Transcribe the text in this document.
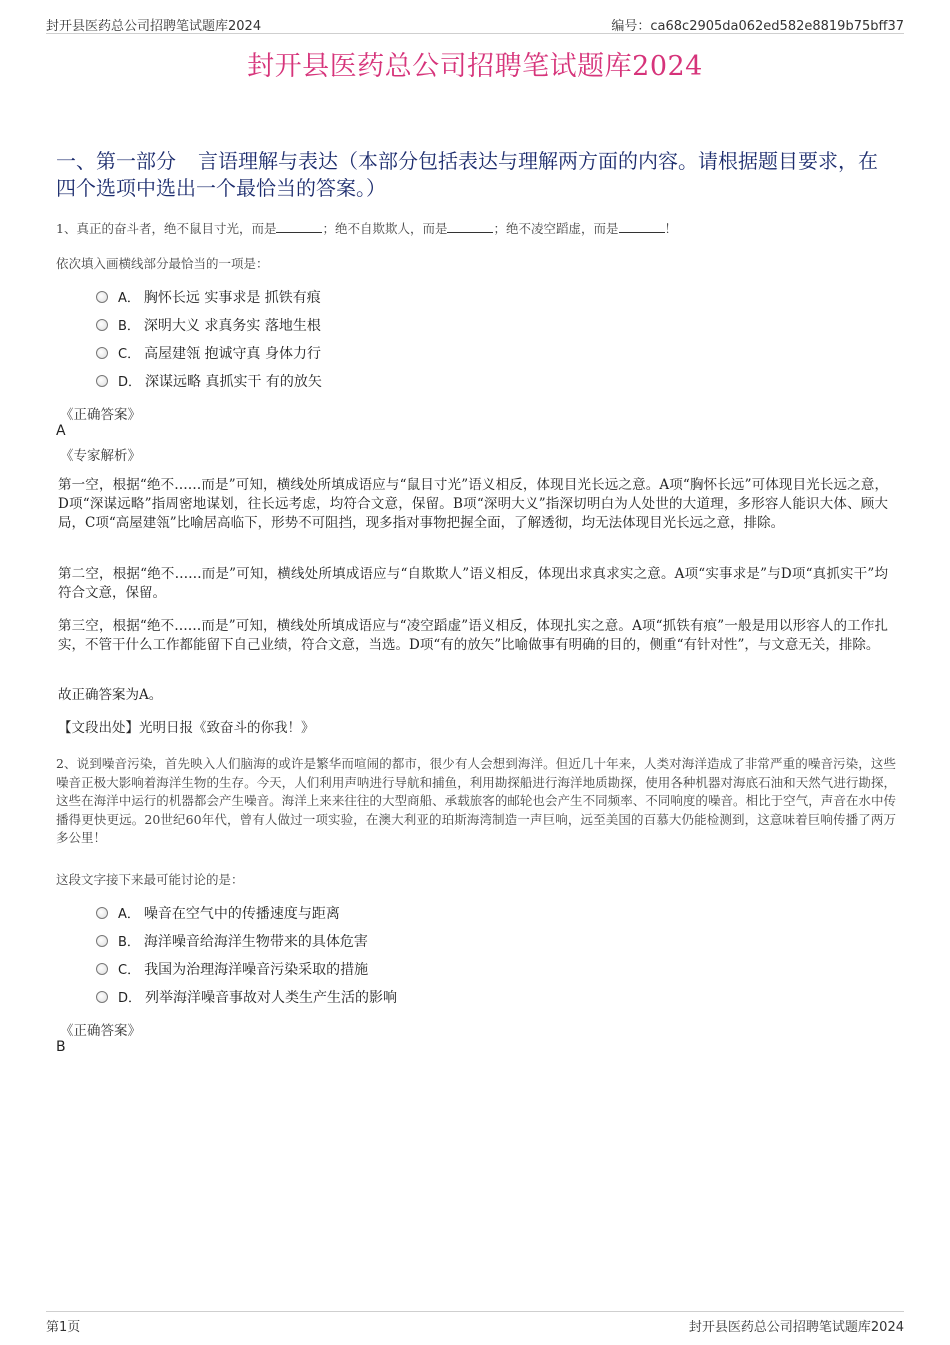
封开县医药总公司招聘笔试题库2024	编号：ca68c2905da062ed582e8819b75bff37
封开县医药总公司招聘笔试题库2024
一、第一部分 言语理解与表达（本部分包括表达与理解两方面的内容。请根据题目要求，在四个选项中选出一个最恰当的答案。）
1、真正的奋斗者，绝不鼠目寸光，而是	；绝不自欺欺人，而是	；绝不凌空蹈虚，而是	！
依次填入画横线部分最恰当的一项是：
A． 胸怀长远 实事求是 抓铁有痕
B． 深明大义 求真务实 落地生根
C． 高屋建瓴 抱诚守真 身体力行
D． 深谋远略 真抓实干 有的放矢
《正确答案》
A
《专家解析》
第一空，根据“绝不……而是”可知，横线处所填成语应与“鼠目寸光”语义相反，体现目光长远之意。A项“胸怀长远”可体现目光长远之意，D项“深谋远略”指周密地谋划，往长远考虑，均符合文意，保留。B项“深明大义”指深切明白为人处世的大道理，多形容人能识大体、顾大局，C项“高屋建瓴”比喻居高临下，形势不可阻挡，现多指对事物把握全面，了解透彻，均无法体现目光长远之意，排除。
第二空，根据“绝不……而是”可知，横线处所填成语应与“自欺欺人”语义相反，体现出求真求实之意。A项“实事求是”与D项“真抓实干”均符合文意，保留。
第三空，根据“绝不……而是”可知，横线处所填成语应与“凌空蹈虚”语义相反，体现扎实之意。A项“抓铁有痕”一般是用以形容人的工作扎实，不管干什么工作都能留下自己业绩，符合文意，当选。D项“有的放矢”比喻做事有明确的目的，侧重“有针对性”，与文意无关，排除。
故正确答案为A。
【文段出处】光明日报《致奋斗的你我！》
2、说到噪音污染，首先映入人们脑海的或许是繁华而喧闹的都市，很少有人会想到海洋。但近几十年来，人类对海洋造成了非常严重的噪音污染，这些噪音正极大影响着海洋生物的生存。今天，人们利用声呐进行导航和捕鱼，利用勘探船进行海洋地质勘探，使用各种机器对海底石油和天然气进行勘探，这些在海洋中运行的机器都会产生噪音。海洋上来来往往的大型商船、承载旅客的邮轮也会产生不同频率、不同响度的噪音。相比于空气，声音在水中传播得更快更远。20世纪60年代，曾有人做过一项实验，在澳大利亚的珀斯海湾制造一声巨响，远至美国的百慕大仍能检测到，这意味着巨响传播了两万多公里！
这段文字接下来最可能讨论的是：
A． 噪音在空气中的传播速度与距离
B． 海洋噪音给海洋生物带来的具体危害
C． 我国为治理海洋噪音污染采取的措施
D． 列举海洋噪音事故对人类生产生活的影响
《正确答案》
B
第1页	封开县医药总公司招聘笔试题库2024
